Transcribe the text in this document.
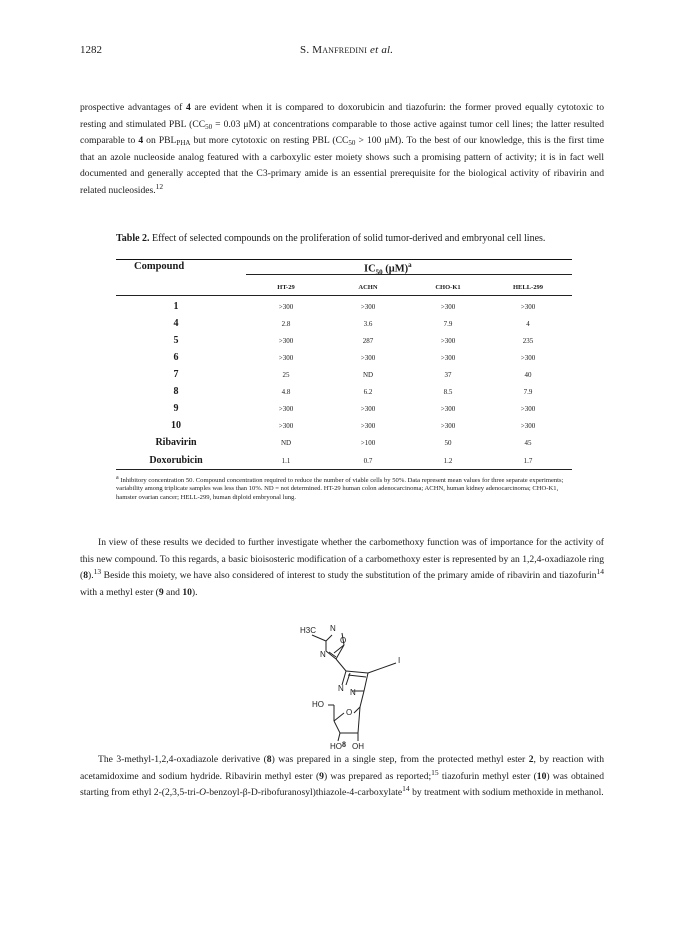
1282	S. Manfredini et al.

prospective advantages of 4 are evident when it is compared to doxorubicin and tiazofurin: the former proved equally cytotoxic to resting and stimulated PBL ($CC_{50} = 0.03$ μM) at concentrations comparable to those active against tumor cell lines; the latter resulted comparable to 4 on $PBL_{PHA}$ but more cytotoxic on resting PBL ($CC_{50} > 100$ μM). To the best of our knowledge, this is the first time that an azole nucleoside analog featured with a carboxylic ester moiety shows such a promising pattern of activity; it is in fact well documented and generally accepted that the C3-primary amide is an essential prerequisite for the biological activity of ribavirin and related nucleosides.$^{12}$

Table 2. Effect of selected compounds on the proliferation of solid tumor-derived and embryonal cell lines.
Compound	$IC_{50}$ $(\mu M)^a$
HT-29	ACHN	CHO-K1	HELL-299
1	>300	>300	>300	>300
4	2.8	3.6	7.9	4
5	>300	287	>300	235
6	>300	>300	>300	>300
7	25	ND	37	40
8	4.8	6.2	8.5	7.9
9	>300	>300	>300	>300
10	>300	>300	>300	>300
Ribavirin	ND	>100	50	45
Doxorubicin	1.1	0.7	1.2	1.7
$^a$ Inhibitory concentration 50. Compound concentration required to reduce the number of viable cells by 50%. Data represent mean values for three separate experiments; variability among triplicate samples was less than 10%. ND = not determined. HT-29 human colon adenocarcinoma; ACHN, human kidney adenocarcinoma; CHO-K1, hamster ovarian cancer; HELL-299, human diploid embryonal lung.

In view of these results we decided to further investigate whether the carbomethoxy function was of importance for the activity of this new compound. To this regards, a basic bioisosteric modification of a carbomethoxy ester is represented by an 1,2,4-oxadiazole ring (8).$^{13}$ Beside this moiety, we have also considered of interest to study the substitution of the primary amide of ribavirin and tiazofurin$^{14}$ with a methyl ester (9 and 10).

H3C N
O
N
I
N N
HO
O
HO OH
8

The 3-methyl-1,2,4-oxadiazole derivative (8) was prepared in a single step, from the protected methyl ester 2, by reaction with acetamidoxime and sodium hydride. Ribavirin methyl ester (9) was prepared as reported;$^{15}$ tiazofurin methyl ester (10) was obtained starting from ethyl 2-(2,3,5-tri-O-benzoyl-β-D-ribofuranosyl)thiazole-4-carboxylate$^{14}$ by treatment with sodium methoxide in methanol.
